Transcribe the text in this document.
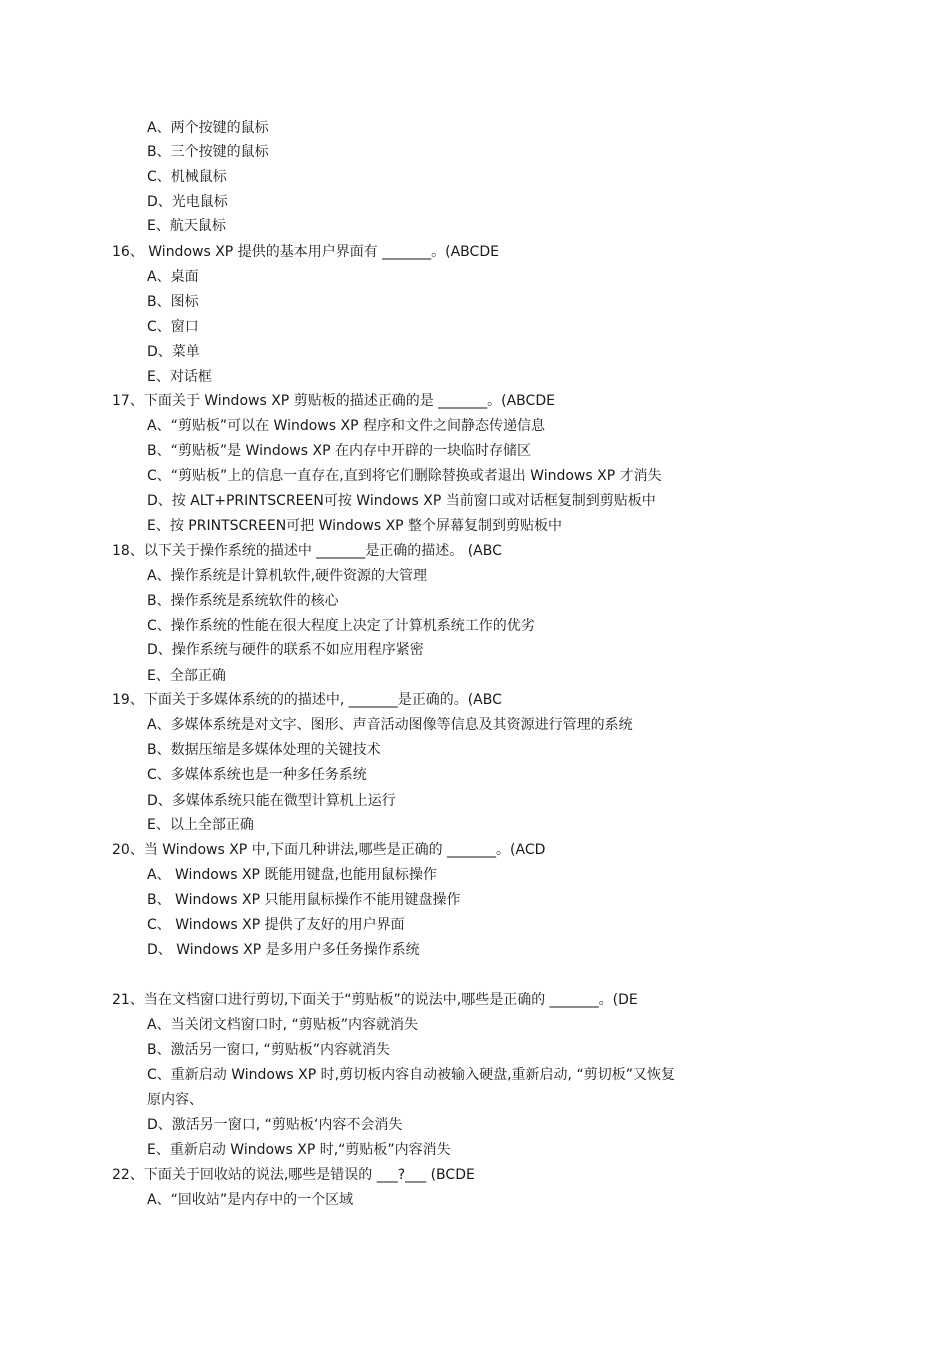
A、两个按键的鼠标
B、三个按键的鼠标
C、机械鼠标
D、光电鼠标
E、航天鼠标
16、 Windows XP 提供的基本用户界面有 _______。(ABCDE
A、桌面
B、图标
C、窗口
D、菜单
E、对话框
17、下面关于 Windows XP 剪贴板的描述正确的是 _______。(ABCDE
A、“剪贴板”可以在 Windows XP 程序和文件之间静态传递信息
B、“剪贴板”是 Windows XP 在内存中开辟的一块临时存储区
C、“剪贴板”上的信息一直存在,直到将它们删除替换或者退出 Windows XP 才消失
D、按 ALT+PRINTSCREEN可按 Windows XP 当前窗口或对话框复制到剪贴板中
E、按 PRINTSCREEN可把 Windows XP 整个屏幕复制到剪贴板中
18、以下关于操作系统的描述中 _______是正确的描述。 (ABC
A、操作系统是计算机软件,硬件资源的大管理
B、操作系统是系统软件的核心
C、操作系统的性能在很大程度上决定了计算机系统工作的优劣
D、操作系统与硬件的联系不如应用程序紧密
E、全部正确
19、下面关于多媒体系统的的描述中, _______是正确的。(ABC
A、多媒体系统是对文字、图形、声音活动图像等信息及其资源进行管理的系统
B、数据压缩是多媒体处理的关键技术
C、多媒体系统也是一种多任务系统
D、多媒体系统只能在微型计算机上运行
E、以上全部正确
20、当 Windows XP 中,下面几种讲法,哪些是正确的 _______。(ACD
A、 Windows XP 既能用键盘,也能用鼠标操作
B、 Windows XP 只能用鼠标操作不能用键盘操作
C、 Windows XP 提供了友好的用户界面
D、 Windows XP 是多用户多任务操作系统
21、当在文档窗口进行剪切,下面关于“剪贴板”的说法中,哪些是正确的 _______。(DE
A、当关闭文档窗口时, “剪贴板”内容就消失
B、激活另一窗口, “剪贴板”内容就消失
C、重新启动 Windows XP 时,剪切板内容自动被输入硬盘,重新启动, “剪切板”又恢复
原内容、
D、激活另一窗口, “剪贴板‘内容不会消失
E、重新启动 Windows XP 时,“剪贴板”内容消失
22、下面关于回收站的说法,哪些是错误的 ___?___ (BCDE
A、“回收站”是内存中的一个区域
